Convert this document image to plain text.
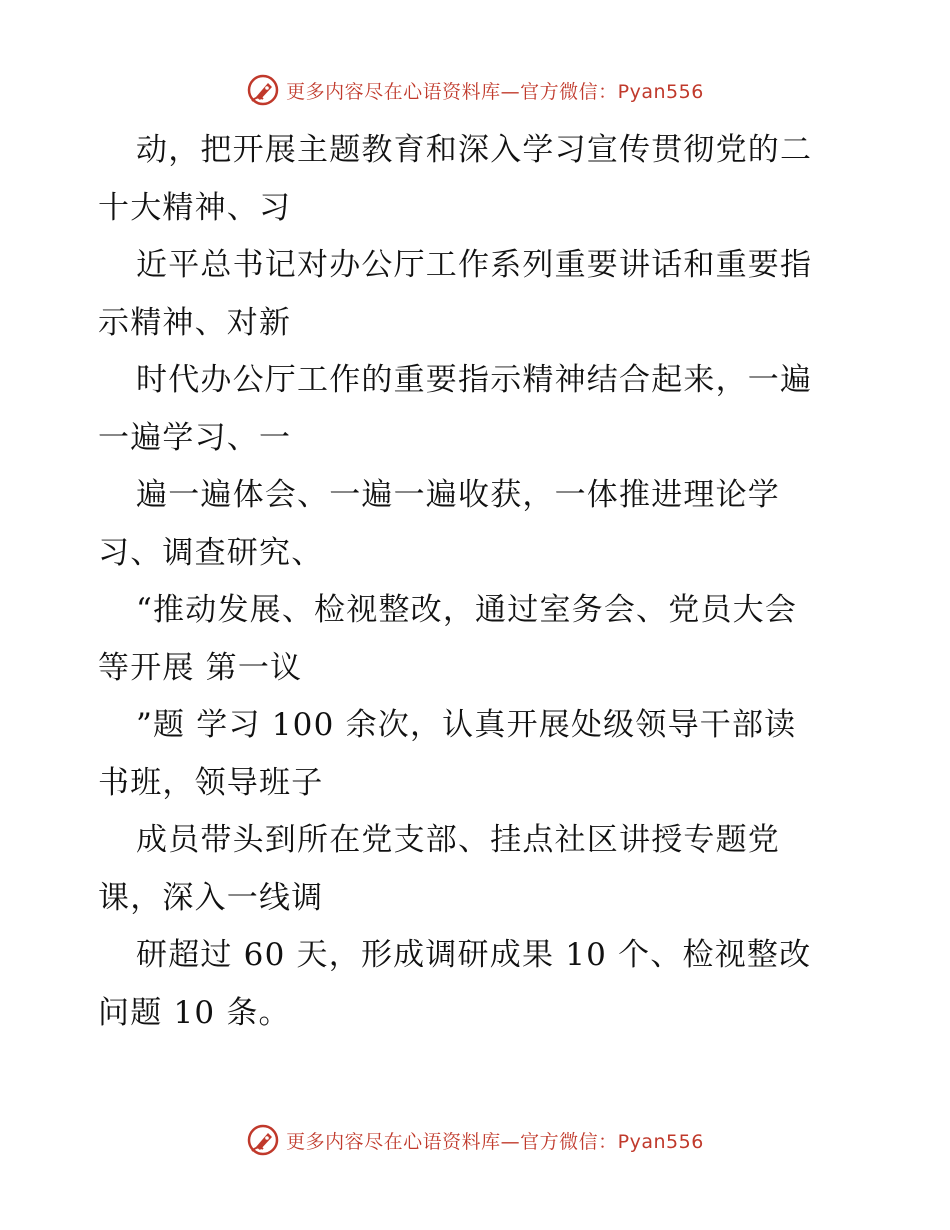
更多内容尽在心语资料库—官方微信：Pyan556

动，把开展主题教育和深入学习宣传贯彻党的二
十大精神、习

近平总书记对办公厅工作系列重要讲话和重要指
示精神、对新

时代办公厅工作的重要指示精神结合起来，一遍
一遍学习、一

遍一遍体会、一遍一遍收获，一体推进理论学
习、调查研究、

“推动发展、检视整改，通过室务会、党员大会
等开展 第一议

”题 学习 100 余次，认真开展处级领导干部读
书班，领导班子

成员带头到所在党支部、挂点社区讲授专题党
课，深入一线调

研超过 60 天，形成调研成果 10 个、检视整改
问题 10 条。

更多内容尽在心语资料库—官方微信：Pyan556
